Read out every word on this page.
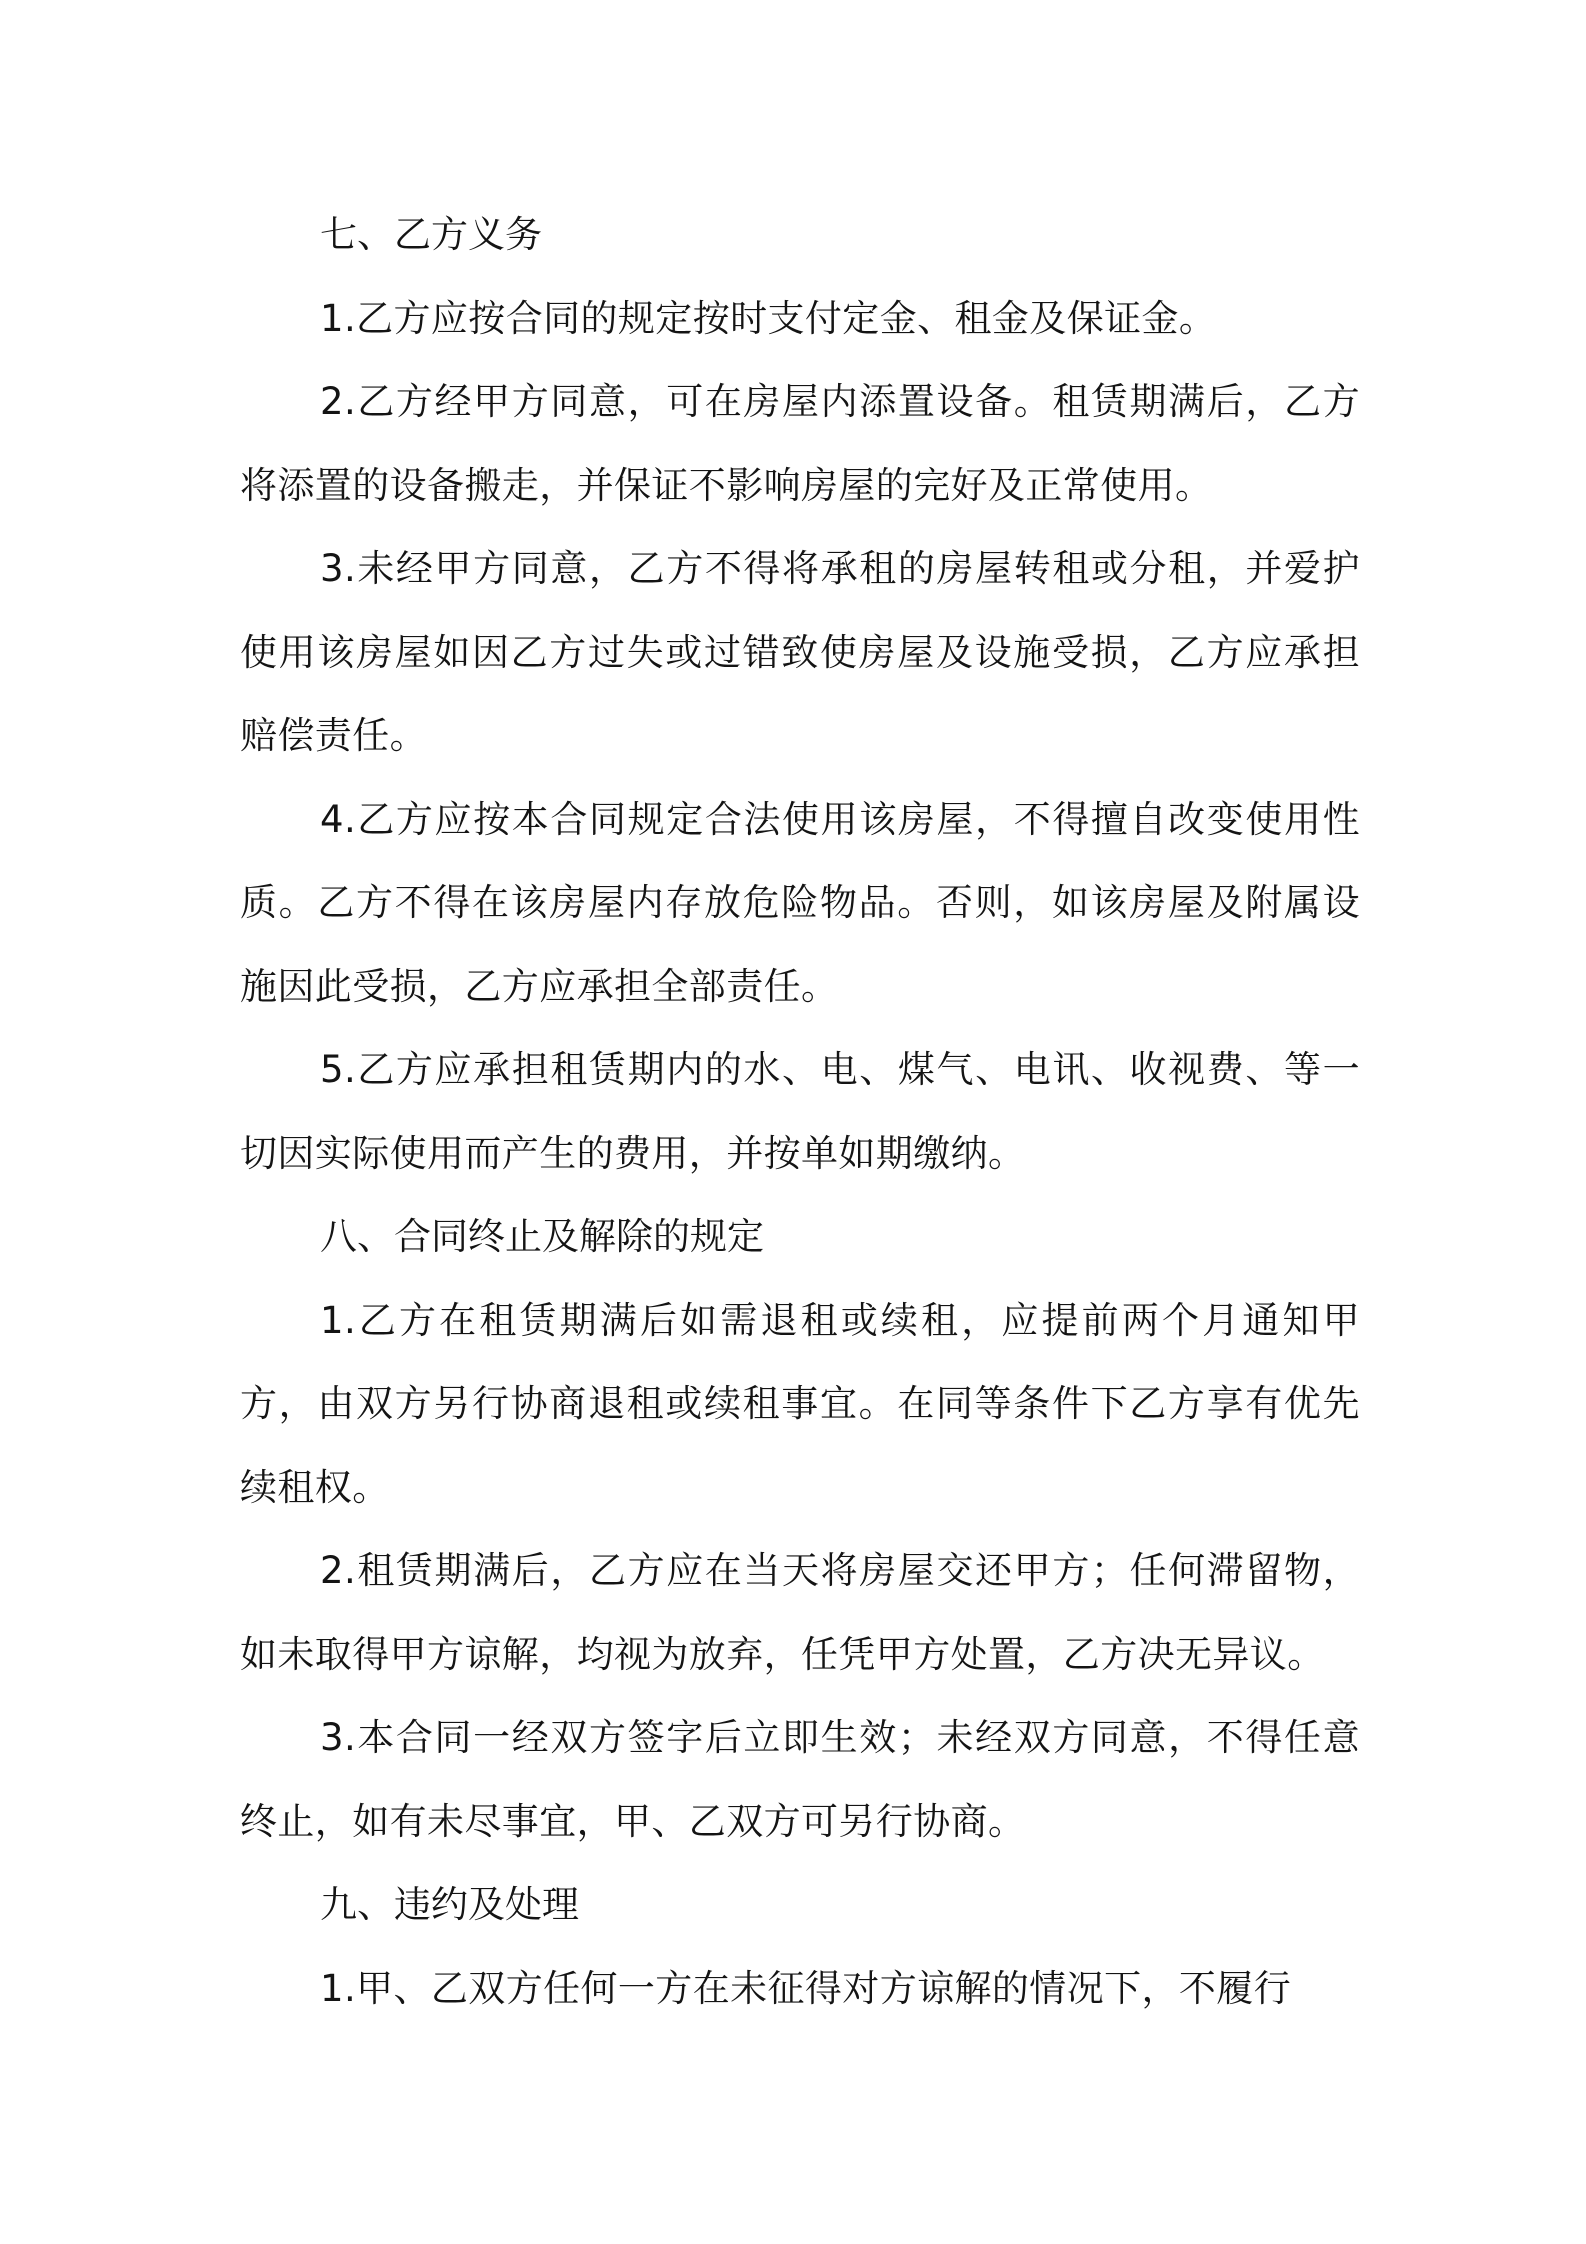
七、乙方义务

1.乙方应按合同的规定按时支付定金、租金及保证金。

2.乙方经甲方同意，可在房屋内添置设备。租赁期满后，乙方将添置的设备搬走，并保证不影响房屋的完好及正常使用。

3.未经甲方同意，乙方不得将承租的房屋转租或分租，并爱护使用该房屋如因乙方过失或过错致使房屋及设施受损，乙方应承担赔偿责任。

4.乙方应按本合同规定合法使用该房屋，不得擅自改变使用性质。乙方不得在该房屋内存放危险物品。否则，如该房屋及附属设施因此受损，乙方应承担全部责任。

5.乙方应承担租赁期内的水、电、煤气、电讯、收视费、等一切因实际使用而产生的费用，并按单如期缴纳。

八、合同终止及解除的规定

1.乙方在租赁期满后如需退租或续租，应提前两个月通知甲方，由双方另行协商退租或续租事宜。在同等条件下乙方享有优先续租权。

2.租赁期满后，乙方应在当天将房屋交还甲方；任何滞留物，如未取得甲方谅解，均视为放弃，任凭甲方处置，乙方决无异议。

3.本合同一经双方签字后立即生效；未经双方同意，不得任意终止，如有未尽事宜，甲、乙双方可另行协商。

九、违约及处理

1.甲、乙双方任何一方在未征得对方谅解的情况下，不履行
